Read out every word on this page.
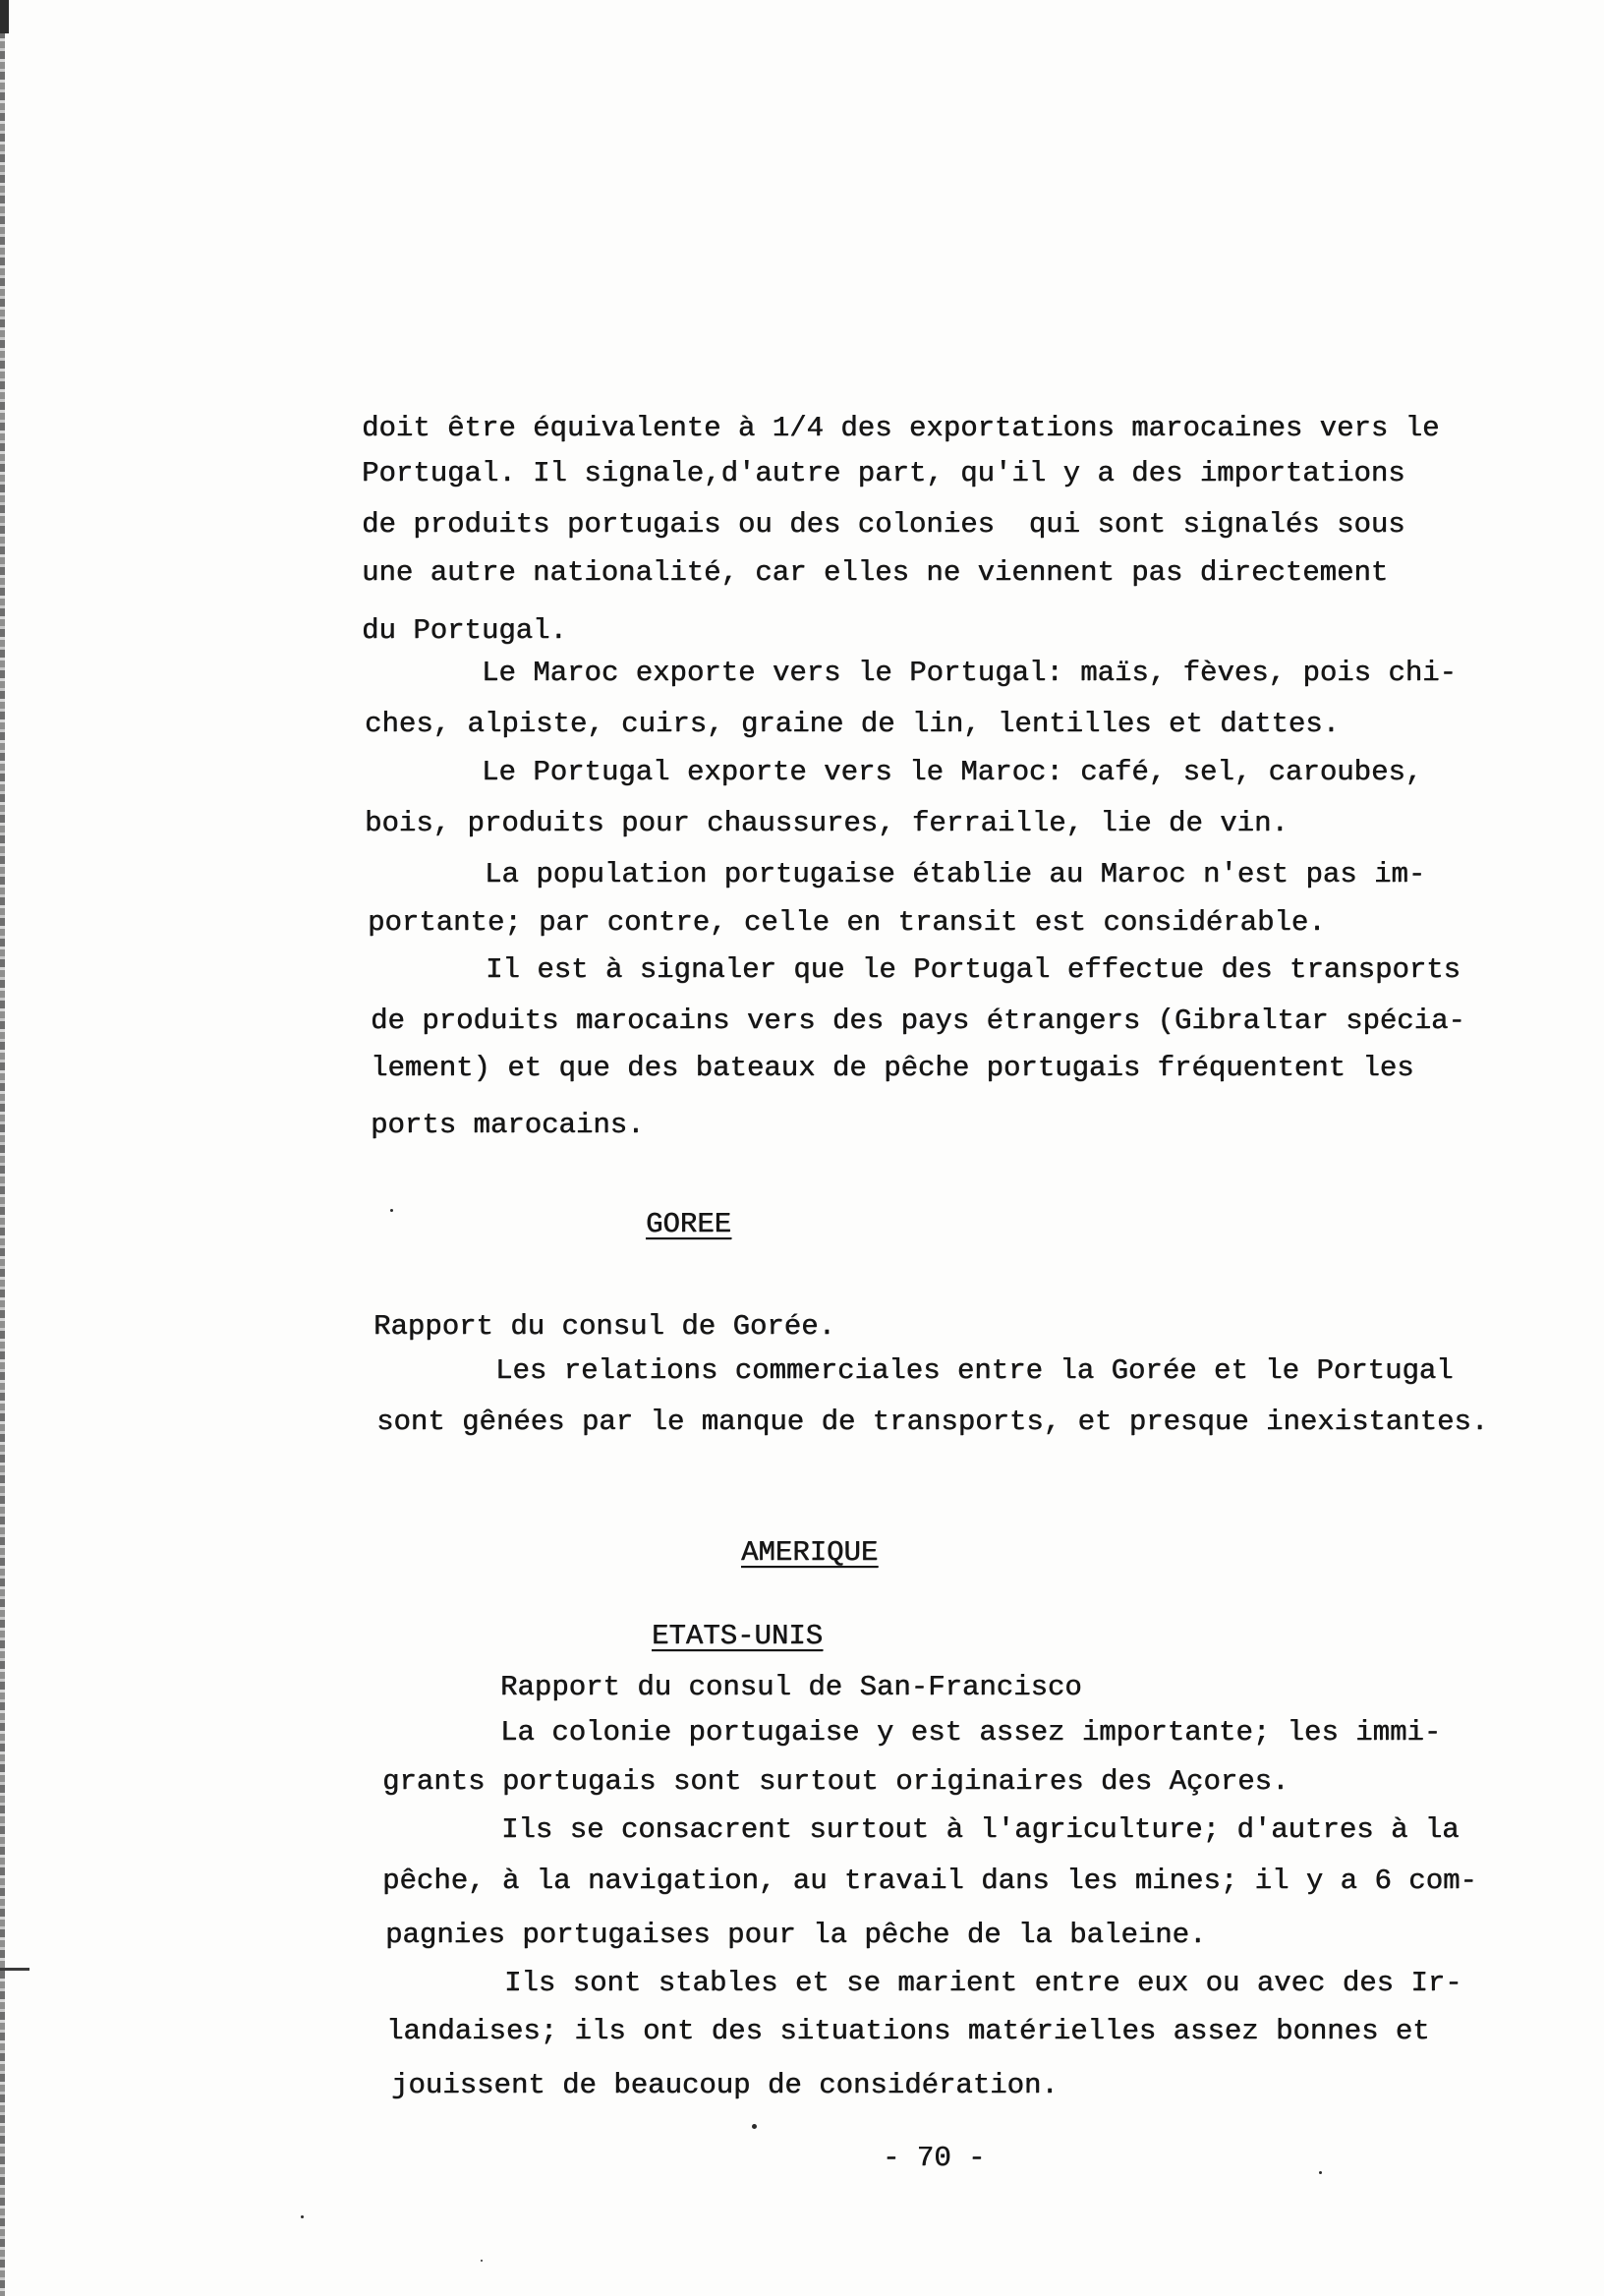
doit être équivalente à 1/4 des exportations marocaines vers le
Portugal. Il signale,d'autre part, qu'il y a des importations
de produits portugais ou des colonies  qui sont signalés sous
une autre nationalité, car elles ne viennent pas directement
du Portugal.
Le Maroc exporte vers le Portugal: maïs, fèves, pois chi-
ches, alpiste, cuirs, graine de lin, lentilles et dattes.
Le Portugal exporte vers le Maroc: café, sel, caroubes,
bois, produits pour chaussures, ferraille, lie de vin.
La population portugaise établie au Maroc n'est pas im-
portante; par contre, celle en transit est considérable.
Il est à signaler que le Portugal effectue des transports
de produits marocains vers des pays étrangers (Gibraltar spécia-
lement) et que des bateaux de pêche portugais fréquentent les
ports marocains.
GOREE
Rapport du consul de Gorée.
Les relations commerciales entre la Gorée et le Portugal
sont gênées par le manque de transports, et presque inexistantes.
AMERIQUE
ETATS-UNIS
Rapport du consul de San-Francisco
La colonie portugaise y est assez importante; les immi-
grants portugais sont surtout originaires des Açores.
Ils se consacrent surtout à l'agriculture; d'autres à la
pêche, à la navigation, au travail dans les mines; il y a 6 com-
pagnies portugaises pour la pêche de la baleine.
Ils sont stables et se marient entre eux ou avec des Ir-
landaises; ils ont des situations matérielles assez bonnes et
jouissent de beaucoup de considération.
- 70 -
